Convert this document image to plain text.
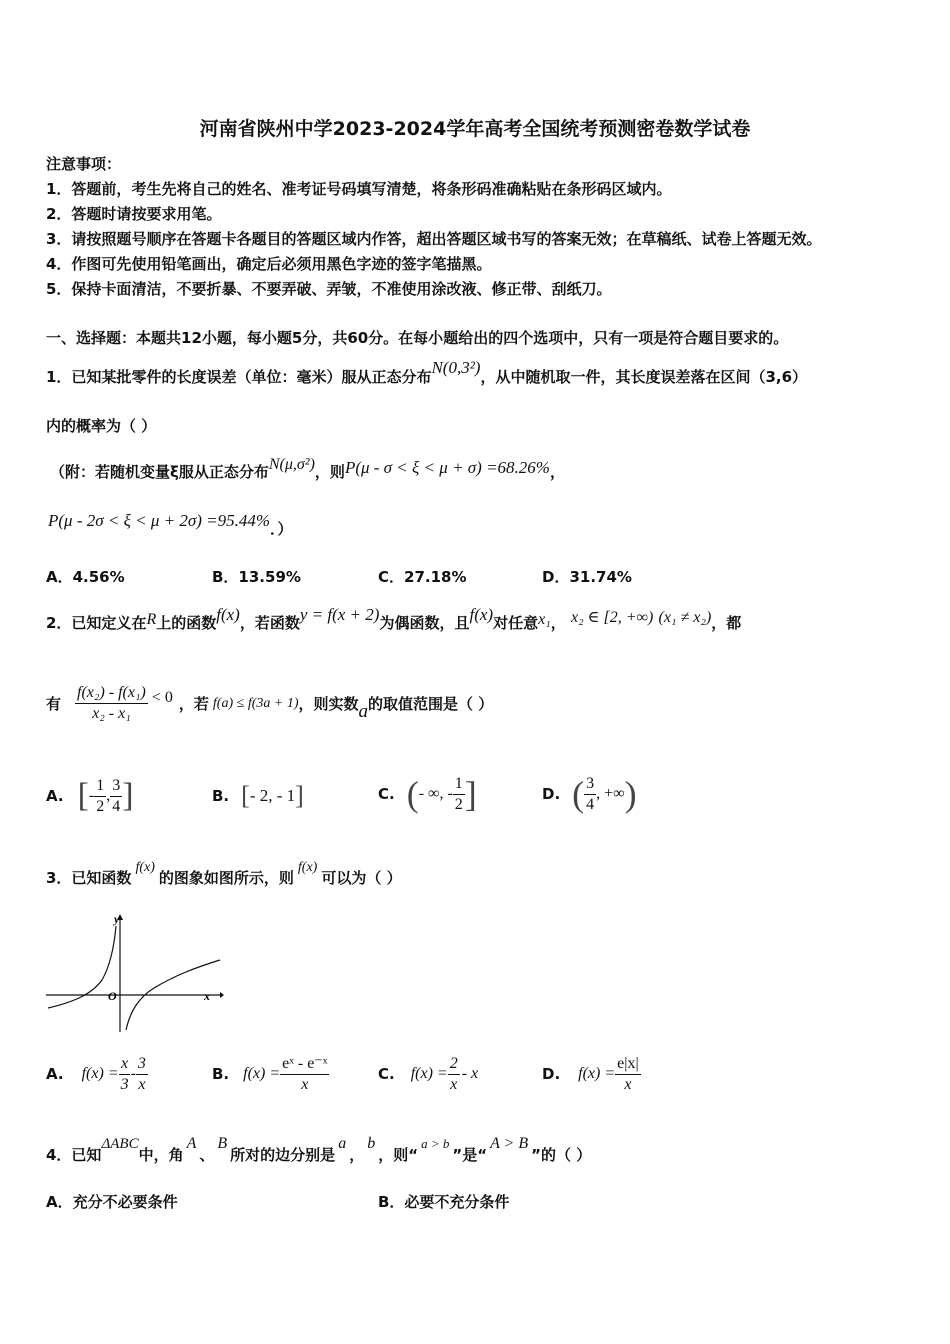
河南省陕州中学2023-2024学年高考全国统考预测密卷数学试卷
注意事项：
1．答题前，考生先将自己的姓名、准考证号码填写清楚，将条形码准确粘贴在条形码区域内。
2．答题时请按要求用笔。
3．请按照题号顺序在答题卡各题目的答题区域内作答，超出答题区域书写的答案无效；在草稿纸、试卷上答题无效。
4．作图可先使用铅笔画出，确定后必须用黑色字迹的签字笔描黑。
5．保持卡面清洁，不要折暴、不要弄破、弄皱，不准使用涂改液、修正带、刮纸刀。
一、选择题：本题共12小题，每小题5分，共60分。在每小题给出的四个选项中，只有一项是符合题目要求的。
1．已知某批零件的长度误差（单位：毫米）服从正态分布N(0,3²)，从中随机取一件，其长度误差落在区间（3,6）
内的概率为（ ）
（附：若随机变量ξ服从正态分布N(μ,σ²)，则P(μ - σ < ξ < μ + σ) =68.26%，
P(μ - 2σ < ξ < μ + 2σ) =95.44%．）
A．4.56%	B．13.59%	C．27.18%	D．31.74%
2．已知定义在R上的函数f(x)，若函数y = f(x + 2)为偶函数，且f(x)对任意x₁， x₂ ∈ [2, +∞) (x₁ ≠ x₂)，都
有 $\frac{\text{f(x₂) - f(x₁)}}{\text{x₂ - x₁}} < 0$ ，若 f(a) ≤ f(3a + 1) ，则实数 a 的取值范围是（ ）
A. [ - $\frac{1}{2}$ , $\frac{3}{4}$ ]	B. [ - 2, - 1 ]	C. ( - ∞, - $\frac{1}{2}$ ]	D. ( $\frac{3}{4}$ , +∞ )
3．已知函数f(x)的图象如图所示，则f(x)可以为（ ）
y
x
O
A. $f(x) = \frac{x}{3} - \frac{3}{x}$	B. $f(x) = \frac{\text{eˣ - e⁻ˣ}}{x}$	C. $f(x) = \frac{2}{x} - x$	D. $f(x) = \frac{e|x|}{x}$
4．已知ΔABC中，角A、B所对的边分别是a，b，则“a > b”是“A > B”的（ ）
A．充分不必要条件	B．必要不充分条件
